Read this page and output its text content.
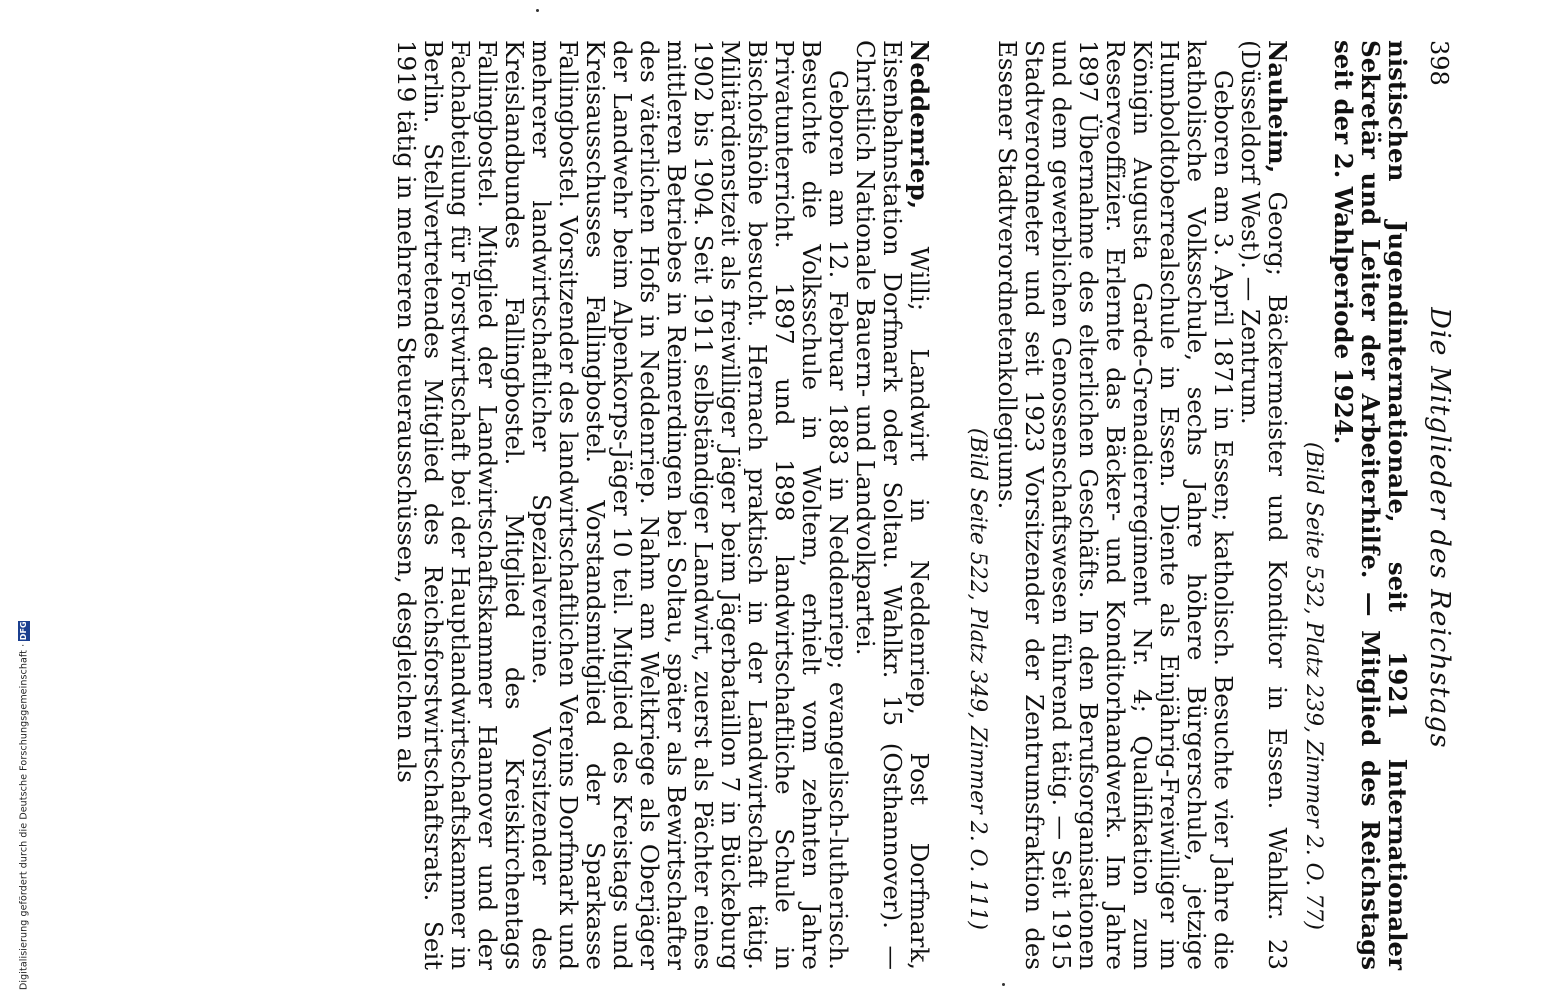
Digitalisierung gefördert durch die Deutsche Forschungsgemeinschaft ·DFG
398
Die Mitglieder des Reichstags

nistischen Jugendinternationale, seit 1921 Internationaler Sekretär und Leiter der Arbeiterhilfe. — Mitglied des Reichstags seit der 2. Wahlperiode 1924.

(Bild Seite 532, Platz 239, Zimmer 2. O. 77)

Nauheim, Georg; Bäckermeister und Konditor in Essen. Wahlkr. 23 (Düsseldorf West). — Zentrum.

Geboren am 3. April 1871 in Essen; katholisch. Besuchte vier Jahre die katholische Volksschule, sechs Jahre höhere Bürgerschule, jetzige Humboldtoberrealschule in Essen. Diente als Einjährig-Freiwilliger im Königin Augusta Garde-Grenadierregiment Nr. 4; Qualifikation zum Reserveoffizier. Erlernte das Bäcker- und Konditorhandwerk. Im Jahre 1897 Übernahme des elterlichen Geschäfts. In den Berufsorganisationen und dem gewerblichen Genossenschaftswesen führend tätig. — Seit 1915 Stadtverordneter und seit 1923 Vorsitzender der Zentrumsfraktion des Essener Stadtverordnetenkollegiums.

(Bild Seite 522, Platz 349, Zimmer 2. O. 111)

Neddenriep, Willi; Landwirt in Neddenriep, Post Dorfmark, Eisenbahnstation Dorfmark oder Soltau. Wahlkr. 15 (Osthannover). — Christlich Nationale Bauern- und Landvolkpartei.

Geboren am 12. Februar 1883 in Neddenriep; evangelisch-lutherisch. Besuchte die Volksschule in Woltem, erhielt vom zehnten Jahre Privatunterricht. 1897 und 1898 landwirtschaftliche Schule in Bischofshöhe besucht. Hernach praktisch in der Landwirtschaft tätig. Militärdienstzeit als freiwilliger Jäger beim Jägerbataillon 7 in Bückeburg 1902 bis 1904. Seit 1911 selbständiger Landwirt, zuerst als Pächter eines mittleren Betriebes in Reimerdingen bei Soltau, später als Bewirtschafter des väterlichen Hofs in Neddenriep. Nahm am Weltkriege als Oberjäger der Landwehr beim Alpenkorps-Jäger 10 teil. Mitglied des Kreistags und Kreisausschusses Fallingbostel. Vorstandsmitglied der Sparkasse Fallingbostel. Vorsitzender des landwirtschaftlichen Vereins Dorfmark und mehrerer landwirtschaftlicher Spezialvereine. Vorsitzender des Kreislandbundes Fallingbostel. Mitglied des Kreiskirchentags Fallingbostel. Mitglied der Landwirtschaftskammer Hannover und der Fachabteilung für Forstwirtschaft bei der Hauptlandwirtschaftskammer in Berlin. Stellvertretendes Mitglied des Reichsforstwirtschaftsrats. Seit 1919 tätig in mehreren Steuerausschüssen, desgleichen als
